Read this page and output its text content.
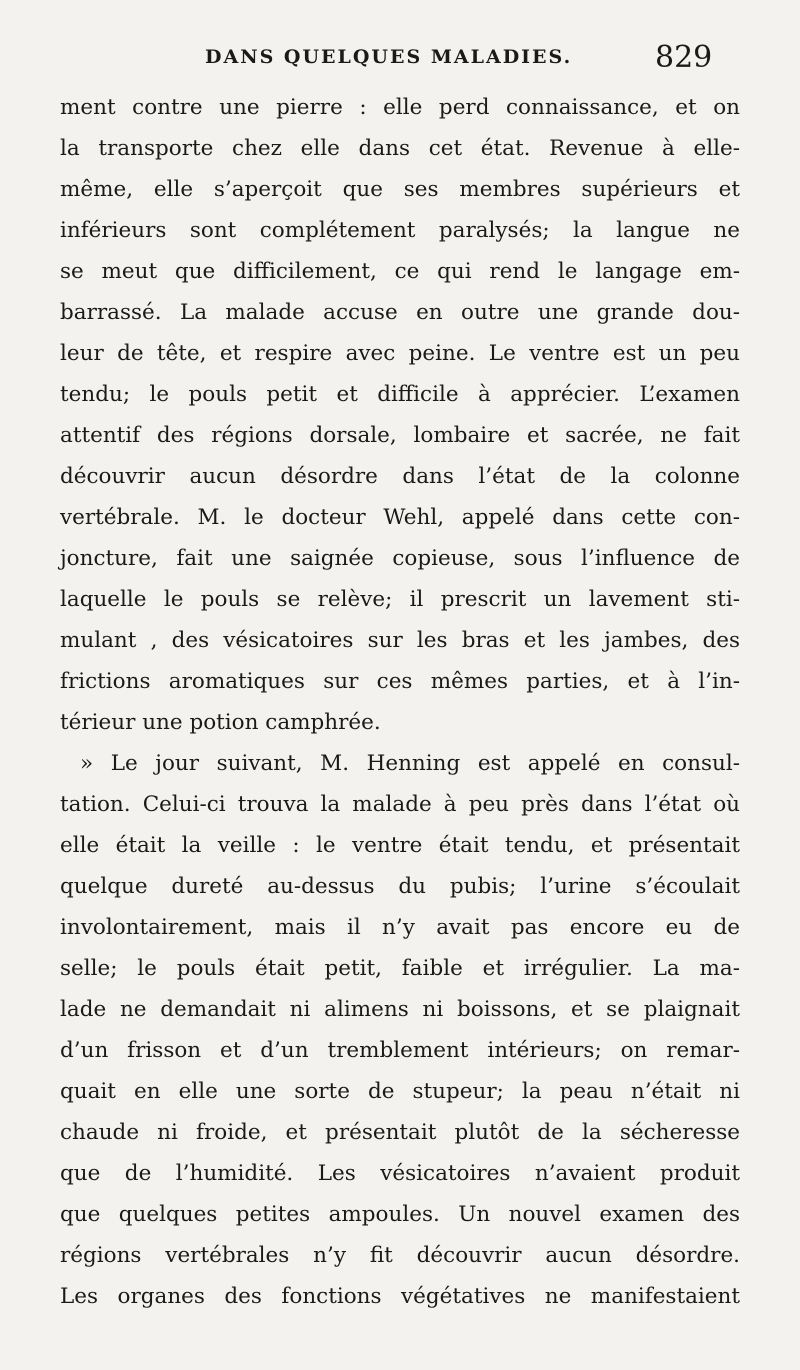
DANS QUELQUES MALADIES.	829
ment contre une pierre : elle perd connaissance, et on
la transporte chez elle dans cet état. Revenue à elle-
même, elle s’aperçoit que ses membres supérieurs et
inférieurs sont complétement paralysés; la langue ne
se meut que difficilement, ce qui rend le langage em-
barrassé. La malade accuse en outre une grande dou-
leur de tête, et respire avec peine. Le ventre est un peu
tendu; le pouls petit et difficile à apprécier. L’examen
attentif des régions dorsale, lombaire et sacrée, ne fait
découvrir aucun désordre dans l’état de la colonne
vertébrale. M. le docteur Wehl, appelé dans cette con-
joncture, fait une saignée copieuse, sous l’influence de
laquelle le pouls se relève; il prescrit un lavement sti-
mulant , des vésicatoires sur les bras et les jambes, des
frictions aromatiques sur ces mêmes parties, et à l’in-
térieur une potion camphrée.
» Le jour suivant, M. Henning est appelé en consul-
tation. Celui-ci trouva la malade à peu près dans l’état où
elle était la veille : le ventre était tendu, et présentait
quelque dureté au-dessus du pubis; l’urine s’écoulait
involontairement, mais il n’y avait pas encore eu de
selle; le pouls était petit, faible et irrégulier. La ma-
lade ne demandait ni alimens ni boissons, et se plaignait
d’un frisson et d’un tremblement intérieurs; on remar-
quait en elle une sorte de stupeur; la peau n’était ni
chaude ni froide, et présentait plutôt de la sécheresse
que de l’humidité. Les vésicatoires n’avaient produit
que quelques petites ampoules. Un nouvel examen des
régions vertébrales n’y fit découvrir aucun désordre.
Les organes des fonctions végétatives ne manifestaient
